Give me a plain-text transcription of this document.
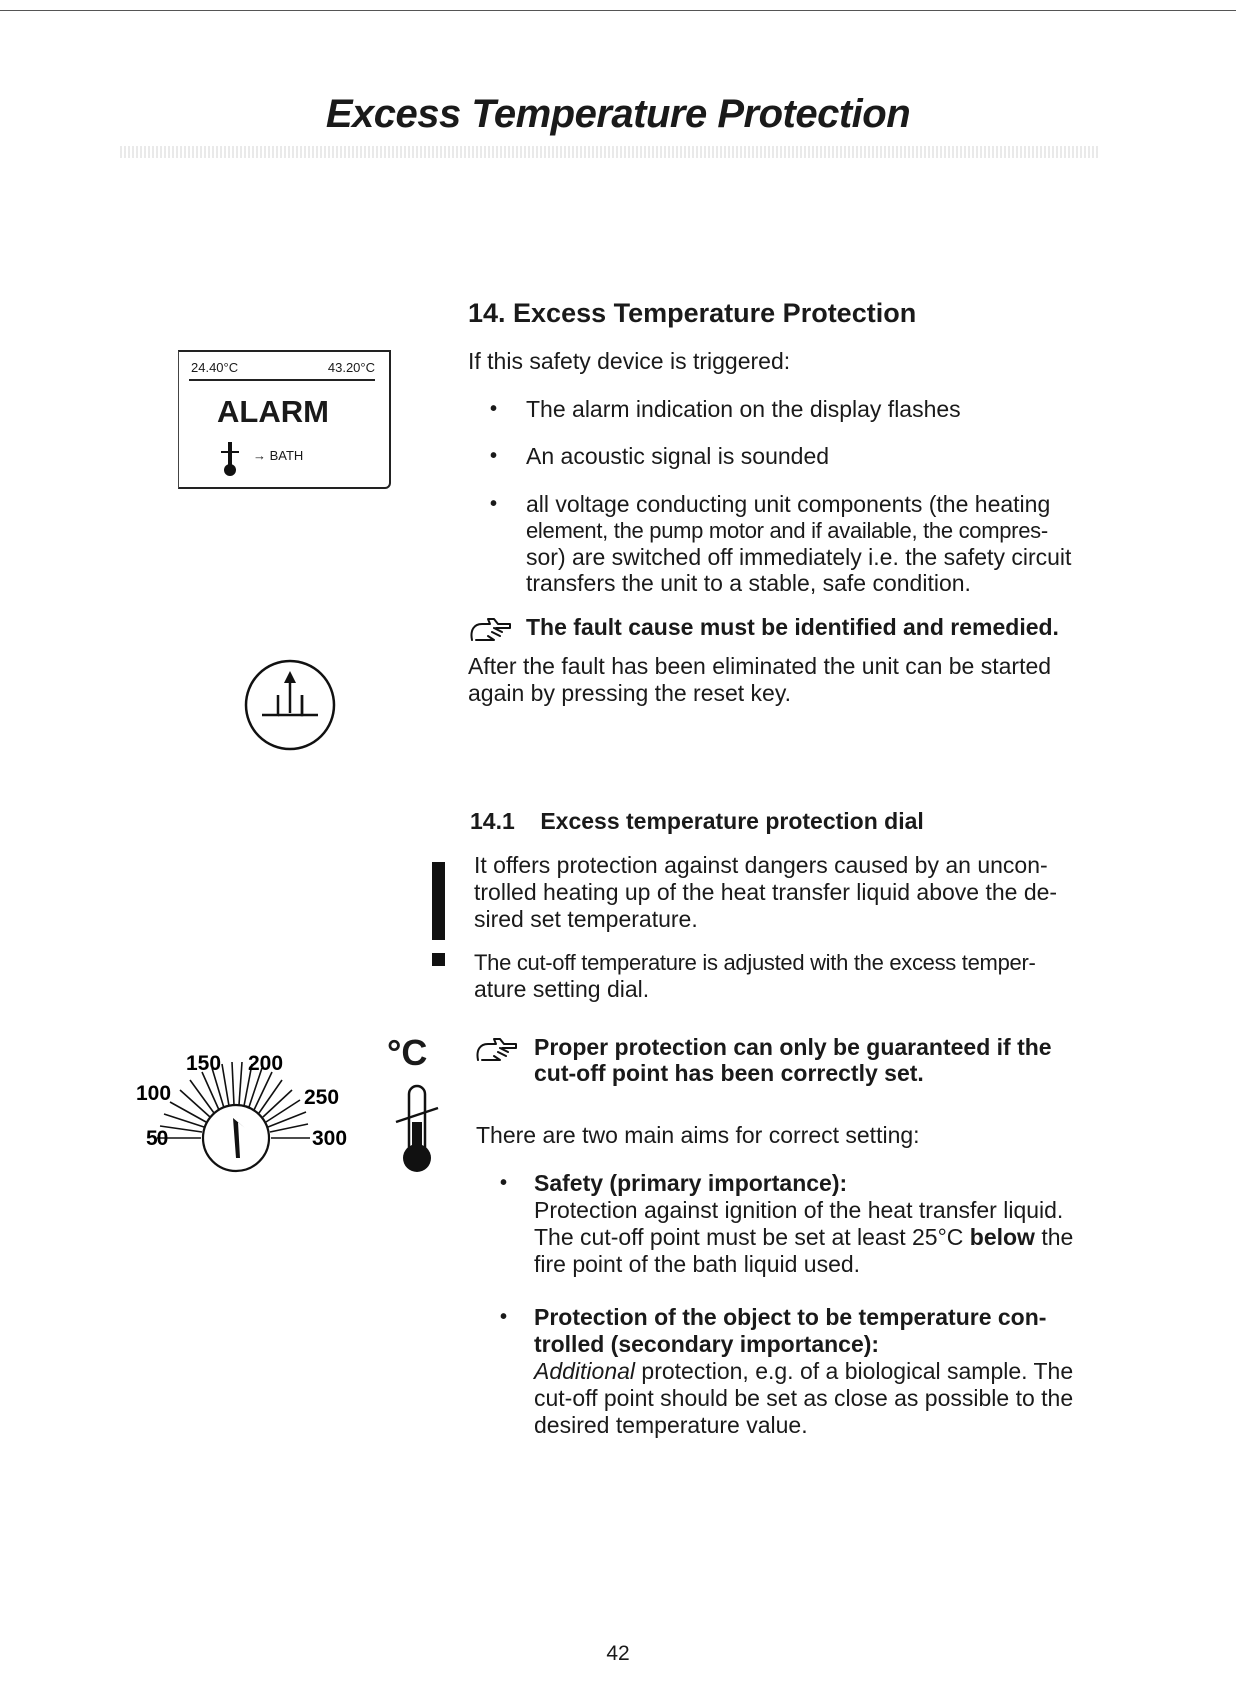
Excess Temperature Protection
24.40°C	43.20°C
ALARM
→ BATH
14. Excess Temperature Protection
If this safety device is triggered:
• The alarm indication on the display flashes
• An acoustic signal is sounded
• all voltage conducting unit components (the heating
element, the pump motor and if available, the compres-
sor) are switched off immediately i.e. the safety circuit
transfers the unit to a stable, safe condition.
The fault cause must be identified and remedied.
After the fault has been eliminated the unit can be started
again by pressing the reset key.
14.1    Excess temperature protection dial
It offers protection against dangers caused by an uncon-
trolled heating up of the heat transfer liquid above the de-
sired set temperature.
The cut-off temperature is adjusted with the excess temper-
ature setting dial.
Proper protection can only be guaranteed if the
cut-off point has been correctly set.
There are two main aims for correct setting:
• Safety (primary importance):
Protection against ignition of the heat transfer liquid.
The cut-off point must be set at least 25°C below the
fire point of the bath liquid used.
• Protection of the object to be temperature con-
trolled (secondary importance):
Additional protection, e.g. of a biological sample. The
cut-off point should be set as close as possible to the
desired temperature value.
50
100
150 200
250
300
°C
42
